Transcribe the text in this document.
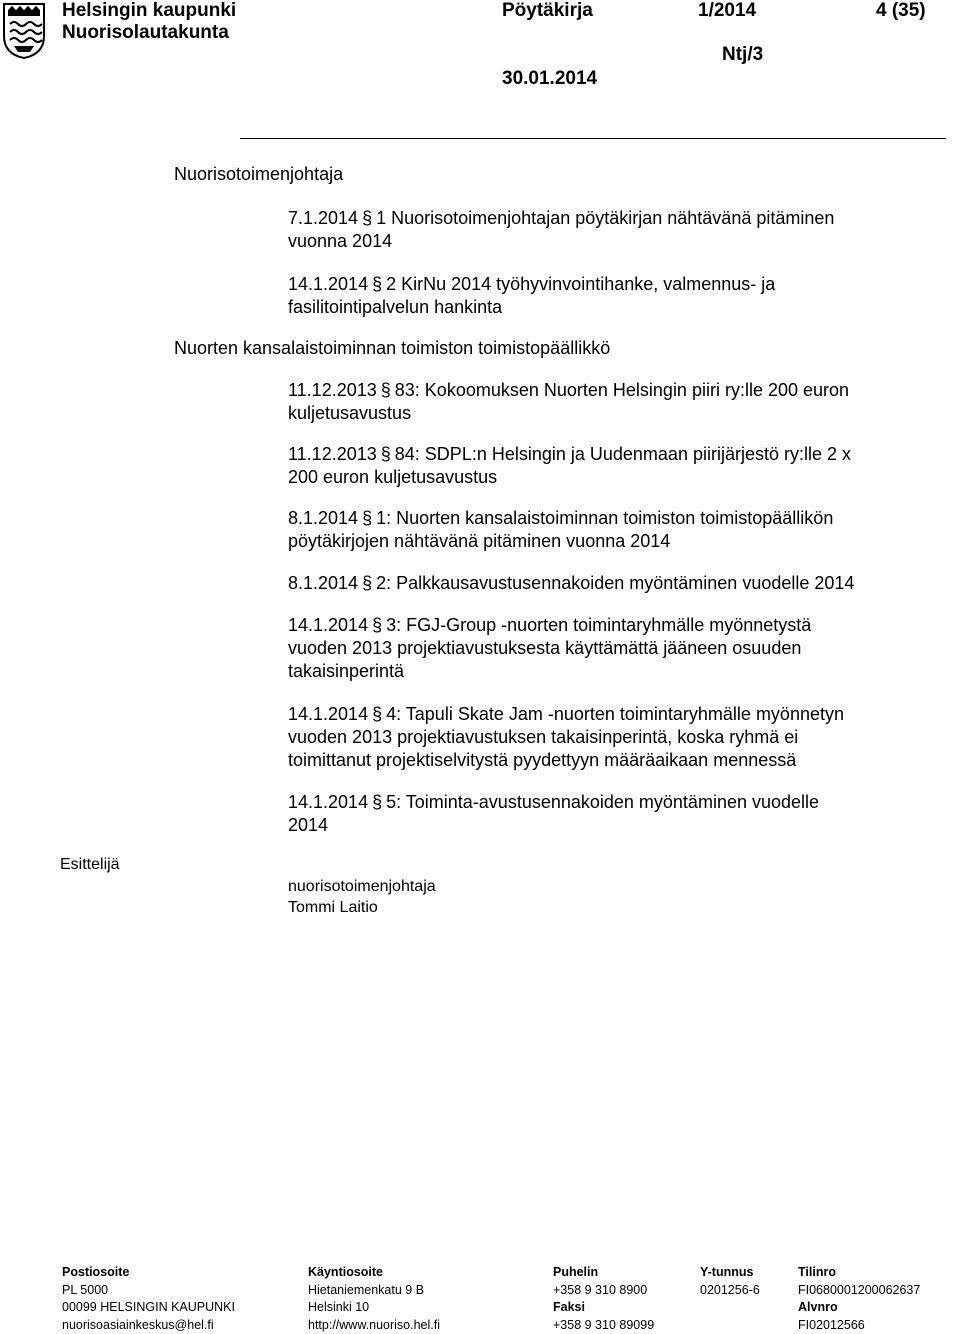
Helsingin kaupunki
Nuorisolautakunta
Pöytäkirja	1/2014	4 (35)
Ntj/3
30.01.2014
Nuorisotoimenjohtaja
7.1.2014 § 1 Nuorisotoimenjohtajan pöytäkirjan nähtävänä pitäminen
vuonna 2014
14.1.2014 § 2 KirNu 2014 työhyvinvointihanke, valmennus- ja
fasilitointipalvelun hankinta
Nuorten kansalaistoiminnan toimiston toimistopäällikkö
11.12.2013 § 83: Kokoomuksen Nuorten Helsingin piiri ry:lle 200 euron
kuljetusavustus
11.12.2013 § 84: SDPL:n Helsingin ja Uudenmaan piirijärjestö ry:lle 2 x
200 euron kuljetusavustus
8.1.2014 § 1: Nuorten kansalaistoiminnan toimiston toimistopäällikön
pöytäkirjojen nähtävänä pitäminen vuonna 2014
8.1.2014 § 2: Palkkausavustusennakoiden myöntäminen vuodelle 2014
14.1.2014 § 3: FGJ-Group -nuorten toimintaryhmälle myönnetystä
vuoden 2013 projektiavustuksesta käyttämättä jääneen osuuden
takaisinperintä
14.1.2014 § 4: Tapuli Skate Jam -nuorten toimintaryhmälle myönnetyn
vuoden 2013 projektiavustuksen takaisinperintä, koska ryhmä ei
toimittanut projektiselvitystä pyydettyyn määräaikaan mennessä
14.1.2014 § 5: Toiminta-avustusennakoiden myöntäminen vuodelle
2014
Esittelijä
nuorisotoimenjohtaja
Tommi Laitio
Postiosoite
PL 5000
00099 HELSINGIN KAUPUNKI
nuorisoasiainkeskus@hel.fi
Käyntiosoite
Hietaniemenkatu 9 B
Helsinki 10
http://www.nuoriso.hel.fi
Puhelin
+358 9 310 8900
Faksi
+358 9 310 89099
Y-tunnus
0201256-6
Tilinro
FI0680001200062637
Alvnro
FI02012566
